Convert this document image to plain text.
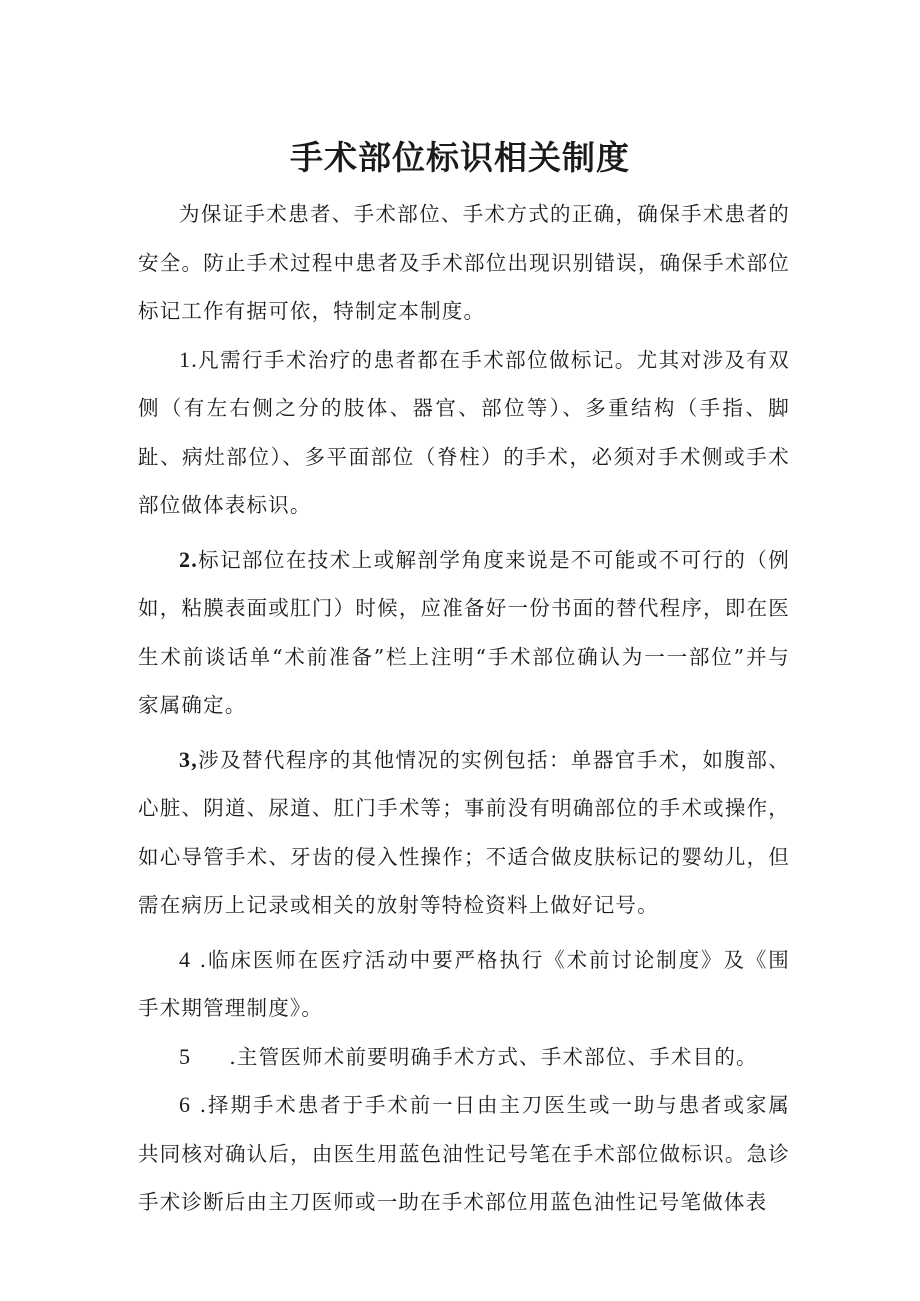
手术部位标识相关制度

为保证手术患者、手术部位、手术方式的正确，确保手术患者的安全。防止手术过程中患者及手术部位出现识别错误，确保手术部位标记工作有据可依，特制定本制度。

1.凡需行手术治疗的患者都在手术部位做标记。尤其对涉及有双侧（有左右侧之分的肢体、器官、部位等）、多重结构（手指、脚趾、病灶部位）、多平面部位（脊柱）的手术，必须对手术侧或手术部位做体表标识。

2.标记部位在技术上或解剖学角度来说是不可能或不可行的（例如，粘膜表面或肛门）时候，应准备好一份书面的替代程序，即在医生术前谈话单“术前准备”栏上注明“手术部位确认为一一部位”并与家属确定。

3,涉及替代程序的其他情况的实例包括：单器官手术，如腹部、心脏、阴道、尿道、肛门手术等；事前没有明确部位的手术或操作，如心导管手术、牙齿的侵入性操作；不适合做皮肤标记的婴幼儿，但需在病历上记录或相关的放射等特检资料上做好记号。

4 .临床医师在医疗活动中要严格执行《术前讨论制度》及《围手术期管理制度》。

5 .主管医师术前要明确手术方式、手术部位、手术目的。

6 .择期手术患者于手术前一日由主刀医生或一助与患者或家属共同核对确认后，由医生用蓝色油性记号笔在手术部位做标识。急诊手术诊断后由主刀医师或一助在手术部位用蓝色油性记号笔做体表
